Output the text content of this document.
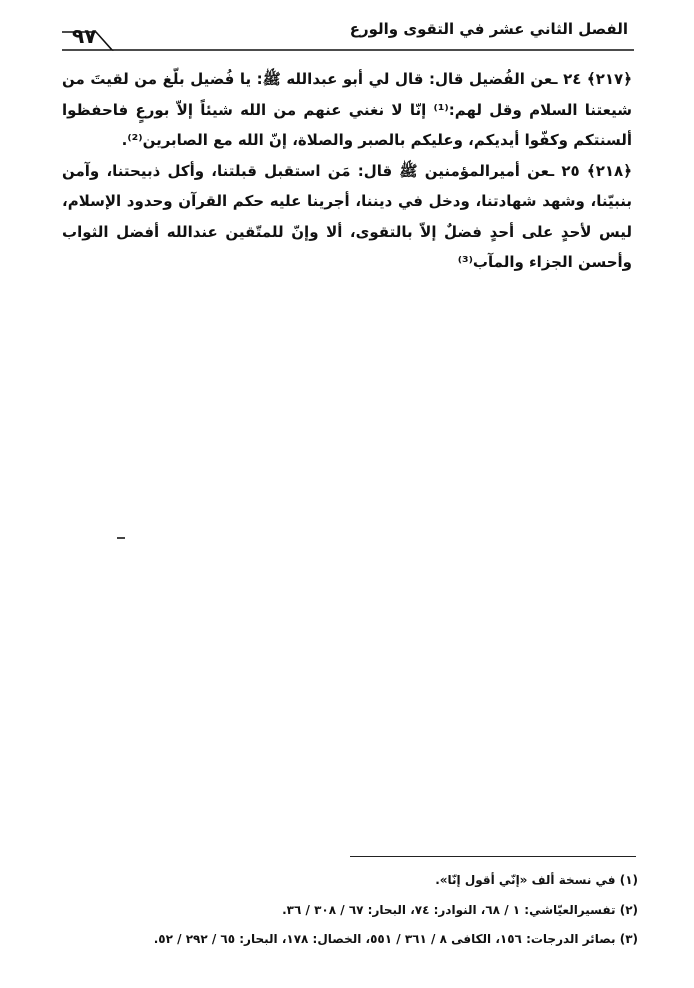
٩٧	الفصل الثاني عشر في التقوى والورع

﴿٢١٧﴾ ٢٤ ـعن الفُضيل قال: قال لي أبو عبدالله ﷺ: يا فُضيل بلّغ من لقيتَ من شيعتنا السلام وقل لهم:⁽¹⁾ إنّا لا نغني عنهم من الله شيئاً إلاّ بورعٍ فاحفظوا ألسنتكم وكفّوا أيديكم، وعليكم بالصبر والصلاة، إنّ الله مع الصابرين⁽²⁾.

﴿٢١٨﴾ ٢٥ ـعن أميرالمؤمنين ﷺ قال: مَن استقبل قبلتنا، وأكل ذبيحتنا، وآمن بنبيّنا، وشهد شهادتنا، ودخل في ديننا، أجرينا عليه حكم القرآن وحدود الإسلام، ليس لأحدٍ على أحدٍ فضلٌ إلاّ بالتقوى، ألا وإنّ للمتّقين عندالله أفضل الثواب وأحسن الجزاء والمآب⁽³⁾

(١) في نسخة ألف «إنّي أقول إنّا».
(٢) تفسيرالعيّاشي: ١ / ٦٨، النوادر: ٧٤، البحار: ٦٧ / ٣٠٨ / ٣٦.
(٣) بصائر الدرجات: ١٥٦، الكافى ٨ / ٣٦١ / ٥٥١، الخصال: ١٧٨، البحار: ٦٥ / ٢٩٢ / ٥٢.
